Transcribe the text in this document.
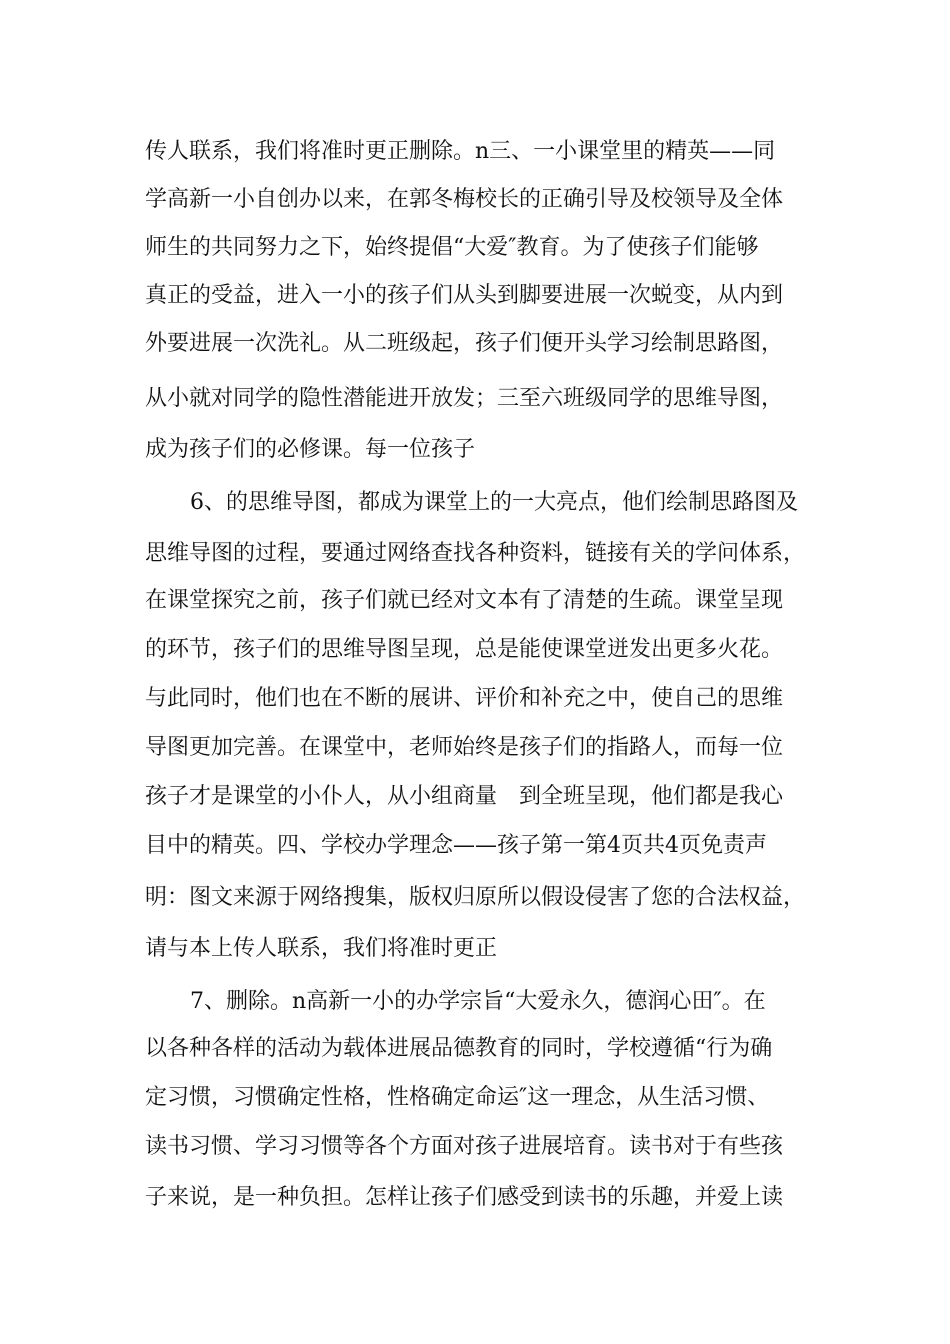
传人联系，我们将准时更正删除。n三、一小课堂里的精英——同
学高新一小自创办以来，在郭冬梅校长的正确引导及校领导及全体
师生的共同努力之下，始终提倡“大爱″教育。为了使孩子们能够
真正的受益，进入一小的孩子们从头到脚要进展一次蜕变，从内到
外要进展一次洗礼。从二班级起，孩子们便开头学习绘制思路图，
从小就对同学的隐性潜能进开放发；三至六班级同学的思维导图，
成为孩子们的必修课。每一位孩子
6、的思维导图，都成为课堂上的一大亮点，他们绘制思路图及
思维导图的过程，要通过网络查找各种资料，链接有关的学问体系，
在课堂探究之前，孩子们就已经对文本有了清楚的生疏。课堂呈现
的环节，孩子们的思维导图呈现，总是能使课堂迸发出更多火花。
与此同时，他们也在不断的展讲、评价和补充之中，使自己的思维
导图更加完善。在课堂中，老师始终是孩子们的指路人，而每一位
孩子才是课堂的小仆人，从小组商量　到全班呈现，他们都是我心
目中的精英。四、学校办学理念——孩子第一第4页共4页免责声
明：图文来源于网络搜集，版权归原所以假设侵害了您的合法权益，
请与本上传人联系，我们将准时更正
7、删除。n高新一小的办学宗旨“大爱永久，德润心田″。在
以各种各样的活动为载体进展品德教育的同时，学校遵循“行为确
定习惯，习惯确定性格，性格确定命运″这一理念，从生活习惯、
读书习惯、学习习惯等各个方面对孩子进展培育。读书对于有些孩
子来说，是一种负担。怎样让孩子们感受到读书的乐趣，并爱上读
